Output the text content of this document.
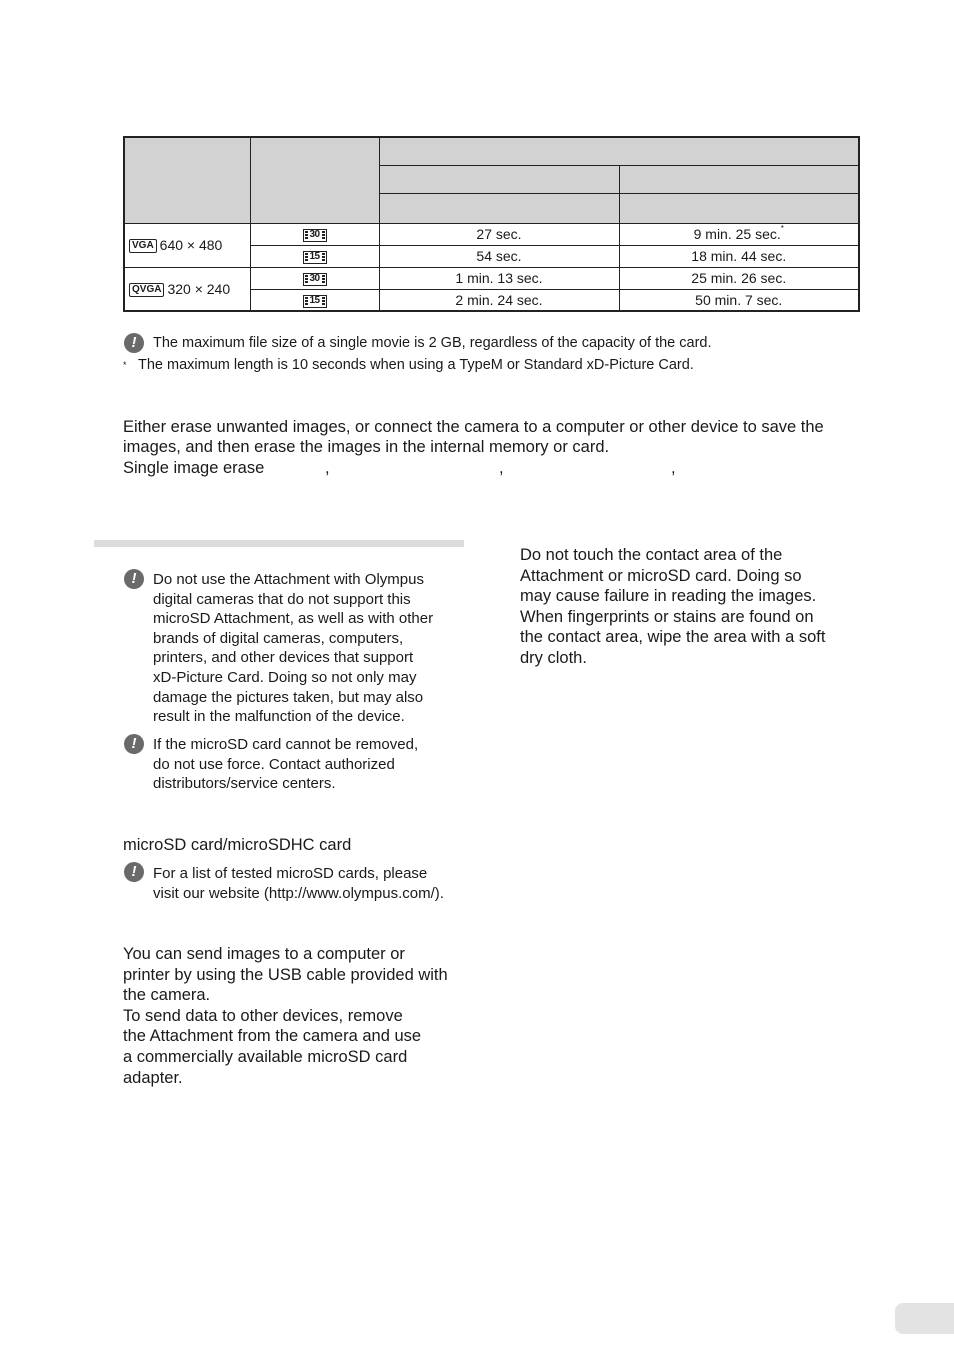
VGA 640 × 480	30	27 sec.	9 min. 25 sec.*

	15	54 sec.	18 min. 44 sec.
QVGA 320 × 240	30	1 min. 13 sec.	25 min. 26 sec.

	15	2 min. 24 sec.	50 min. 7 sec.
!	The maximum file size of a single movie is 2 GB, regardless of the capacity of the card.
* The maximum length is 10 seconds when using a TypeM or Standard xD-Picture Card.
Either erase unwanted images, or connect the camera to a computer or other device to save the
images, and then erase the images in the internal memory or card.
Single image erase	,	,	,
!	Do not use the Attachment with Olympus
digital cameras that do not support this
microSD Attachment, as well as with other
brands of digital cameras, computers,
printers, and other devices that support
xD-Picture Card. Doing so not only may
damage the pictures taken, but may also
result in the malfunction of the device.
!	If the microSD card cannot be removed,
do not use force. Contact authorized
distributors/service centers.
microSD card/microSDHC card
!	For a list of tested microSD cards, please
visit our website (http://www.olympus.com/).
You can send images to a computer or
printer by using the USB cable provided with
the camera.
To send data to other devices, remove
the Attachment from the camera and use
a commercially available microSD card
adapter.
Do not touch the contact area of the
Attachment or microSD card. Doing so
may cause failure in reading the images.
When fingerprints or stains are found on
the contact area, wipe the area with a soft
dry cloth.
